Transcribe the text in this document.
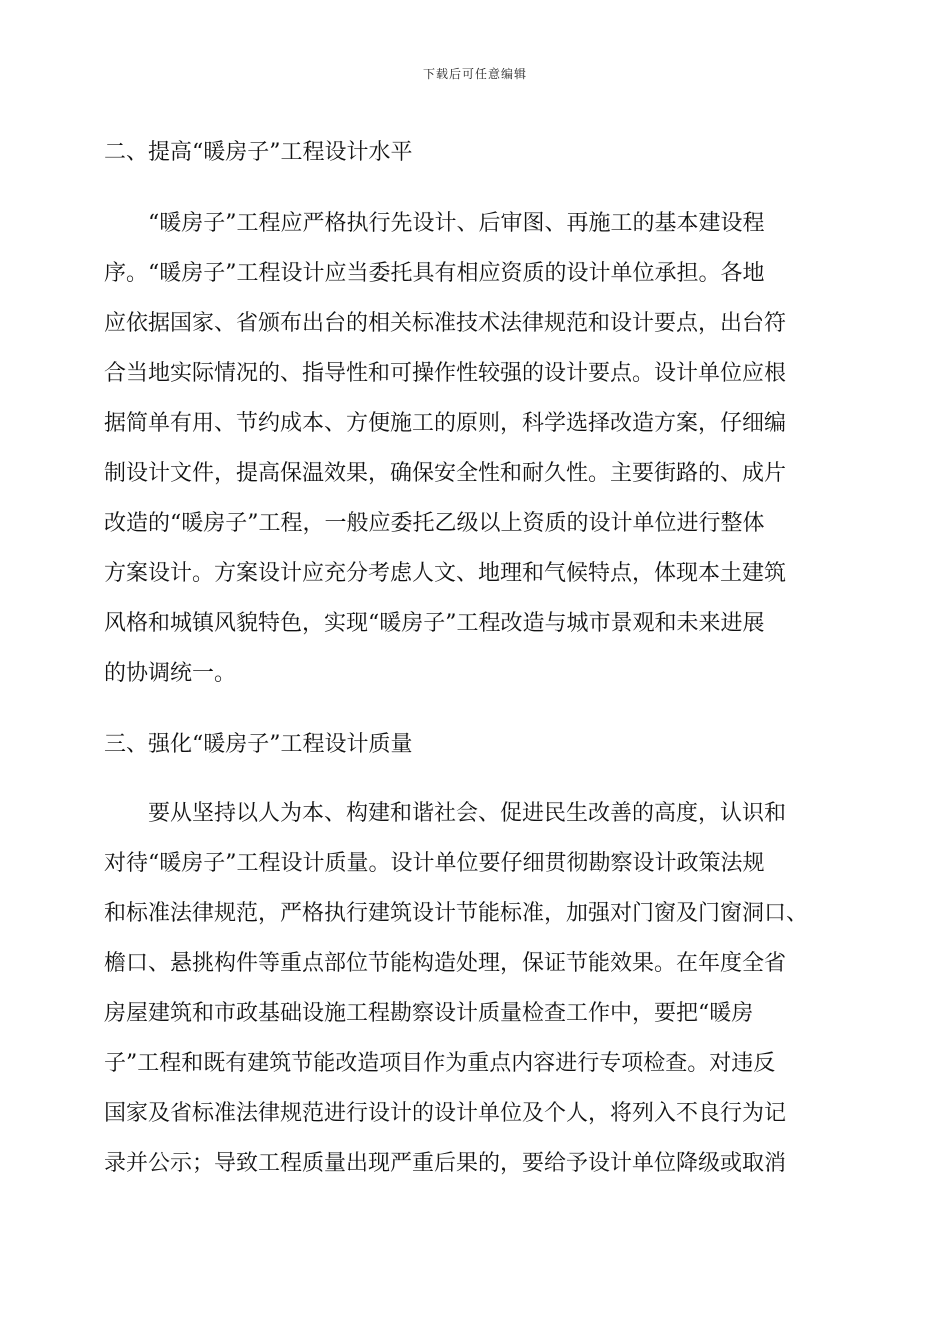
下载后可任意编辑
二、提高“暖房子”工程设计水平
　　“暖房子”工程应严格执行先设计、后审图、再施工的基本建设程
序。“暖房子”工程设计应当委托具有相应资质的设计单位承担。各地
应依据国家、省颁布出台的相关标准技术法律规范和设计要点，出台符
合当地实际情况的、指导性和可操作性较强的设计要点。设计单位应根
据简单有用、节约成本、方便施工的原则，科学选择改造方案，仔细编
制设计文件，提高保温效果，确保安全性和耐久性。主要街路的、成片
改造的“暖房子”工程，一般应委托乙级以上资质的设计单位进行整体
方案设计。方案设计应充分考虑人文、地理和气候特点，体现本土建筑
风格和城镇风貌特色，实现“暖房子”工程改造与城市景观和未来进展
的协调统一。
三、强化“暖房子”工程设计质量
　　要从坚持以人为本、构建和谐社会、促进民生改善的高度，认识和
对待“暖房子”工程设计质量。设计单位要仔细贯彻勘察设计政策法规
和标准法律规范，严格执行建筑设计节能标准，加强对门窗及门窗洞口、
檐口、悬挑构件等重点部位节能构造处理，保证节能效果。在年度全省
房屋建筑和市政基础设施工程勘察设计质量检查工作中，要把“暖房
子”工程和既有建筑节能改造项目作为重点内容进行专项检查。对违反
国家及省标准法律规范进行设计的设计单位及个人，将列入不良行为记
录并公示；导致工程质量出现严重后果的，要给予设计单位降级或取消
